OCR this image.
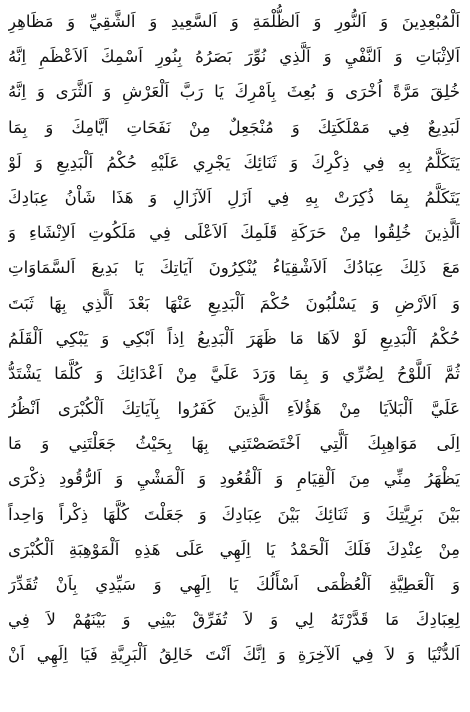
اَلْمُبْعِدِينَ وَ اَلنُّورِ وَ اَلظُّلْمَةِ وَ اَلسَّعِيدِ وَ اَلشَّقِيِّ وَ مَظَاهِرِ
اَلاِثْبَاتِ وَ اَلنَّفْيِ وَ اَلَّذِي نُوِّرَ بَصَرُهُ بِنُورِ اَسْمِكَ اَلاَعْظَمِ اِنَّهُ
خُلِقَ مَرَّةً اُخْرَى وَ بُعِثَ بِاَمْرِكَ يَا رَبَّ اَلْعَرْشِ وَ اَلثَّرَى وَ اِنَّهُ
لَبَدِيعٌ فِي مَمْلَكَتِكَ وَ مُنْجَعِلٌ مِنْ نَفَحَاتِ اَيَّامِكَ وَ بِمَا
يَتَكَلَّمُ بِهِ فِي ذِكْرِكَ وَ ثَنَائِكَ يَجْرِي عَلَيْهِ حُكْمُ اَلْبَدِيعِ وَ لَوْ
يَتَكَلَّمُ بِمَا ذُكِرَتْ بِهِ فِي اَزَلِ اَلآزَالِ وَ هَذَا شَاْنُ عِبَادِكَ
اَلَّذِينَ خُلِقُوا مِنْ حَرَكَةِ قَلَمِكَ اَلاَعْلَى فِي مَلَكُوتِ اَلاِنْشَاءِ وَ
مَعَ ذَلِكَ عِبَادُكَ اَلاَشْقِيَاءُ يُنْكِرُونَ آيَاتِكَ يَا بَدِيعَ اَلسَّمَاوَاتِ
وَ اَلاَرْضِ وَ يَسْلُبُونَ حُكْمَ اَلْبَدِيعِ عَنْهَا بَعْدَ اَلَّذِي بِهَا ثَبَتَ
حُكْمُ اَلْبَدِيعِ لَوْ لاَهَا مَا ظَهَرَ اَلْبَدِيعُ اِذاً اَبْكِي وَ يَبْكِي اَلْقَلَمُ
ثُمَّ اَللَّوْحُ لِضُرِّي وَ بِمَا وَرَدَ عَلَيَّ مِنْ اَعْدَائِكَ وَ كُلَّمَا يَشْتَدُّ
عَلَيَّ اَلْبَلاَيَا مِنْ هَؤُلاَءِ اَلَّذِينَ كَفَرُوا بِآيَاتِكَ اَلْكُبْرَى اَنْظُرُ
اِلَى مَوَاهِبِكَ اَلَّتِي اَخْتَصَصْتَنِي بِهَا بِحَيْثُ جَعَلْتَنِي وَ مَا
يَظْهَرُ مِنِّي مِنَ اَلْقِيَامِ وَ اَلْقُعُودِ وَ اَلْمَشْيِ وَ اَلرُّقُودِ ذِكْرَى
بَيْنَ بَرِيَّتِكَ وَ ثَنَائِكَ بَيْنَ عِبَادِكَ وَ جَعَلْتَ كُلَّهَا ذِكْراً وَاحِداً
مِنْ عِنْدِكَ فَلَكَ اَلْحَمْدُ يَا اِلَهِي عَلَى هَذِهِ اَلْمَوْهِبَةِ اَلْكُبْرَى
وَ اَلْعَطِيَّةِ اَلْعُظْمَى اَسْأَلُكَ يَا اِلَهِي وَ سَيِّدِي بِاَنْ تُقَدِّرَ
لِعِبَادِكَ مَا قَدَّرْتَهُ لِي وَ لاَ تُفَرِّقْ بَيْنِي وَ بَيْنَهُمْ لاَ فِي
اَلدُّنْيَا وَ لاَ فِي اَلآخِرَةِ وَ اِنَّكَ اَنْتَ خَالِقُ اَلْبَرِيَّةِ فَيَا اِلَهِي اَنْ
